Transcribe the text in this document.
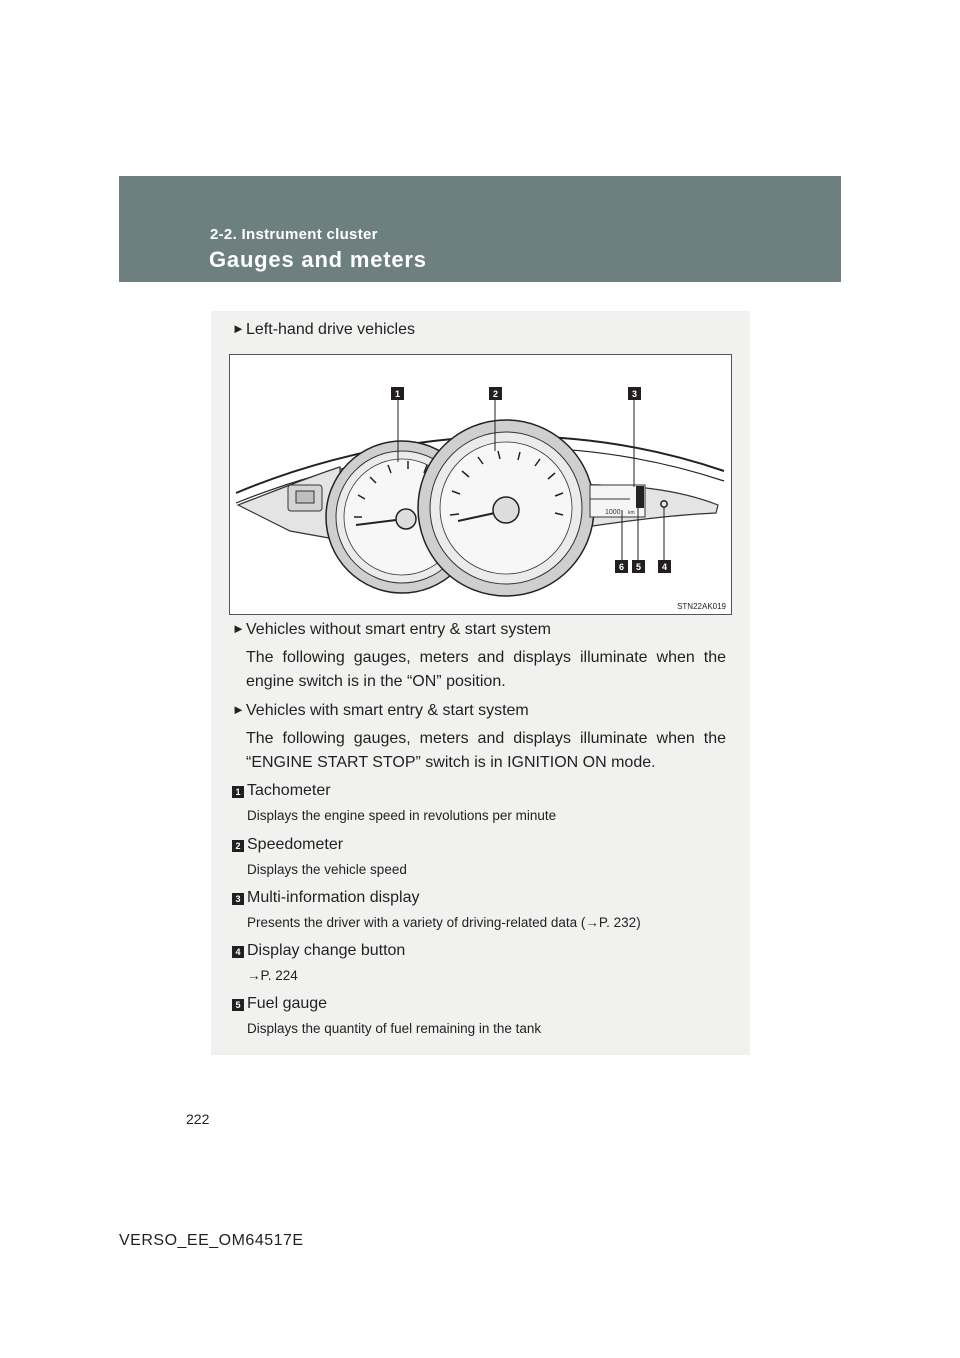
2-2. Instrument cluster
Gauges and meters
►Left-hand drive vehicles
1000 km
1	2	3
6 5 4
STN22AK019
►Vehicles without smart entry & start system
The following gauges, meters and displays illuminate when the engine switch is in the “ON” position.
►Vehicles with smart entry & start system
The following gauges, meters and displays illuminate when the “ENGINE START STOP” switch is in IGNITION ON mode.
1 Tachometer
Displays the engine speed in revolutions per minute
2 Speedometer
Displays the vehicle speed
3 Multi-information display
Presents the driver with a variety of driving-related data (→P. 232)
4 Display change button
→P. 224
5 Fuel gauge
Displays the quantity of fuel remaining in the tank
222
VERSO_EE_OM64517E
